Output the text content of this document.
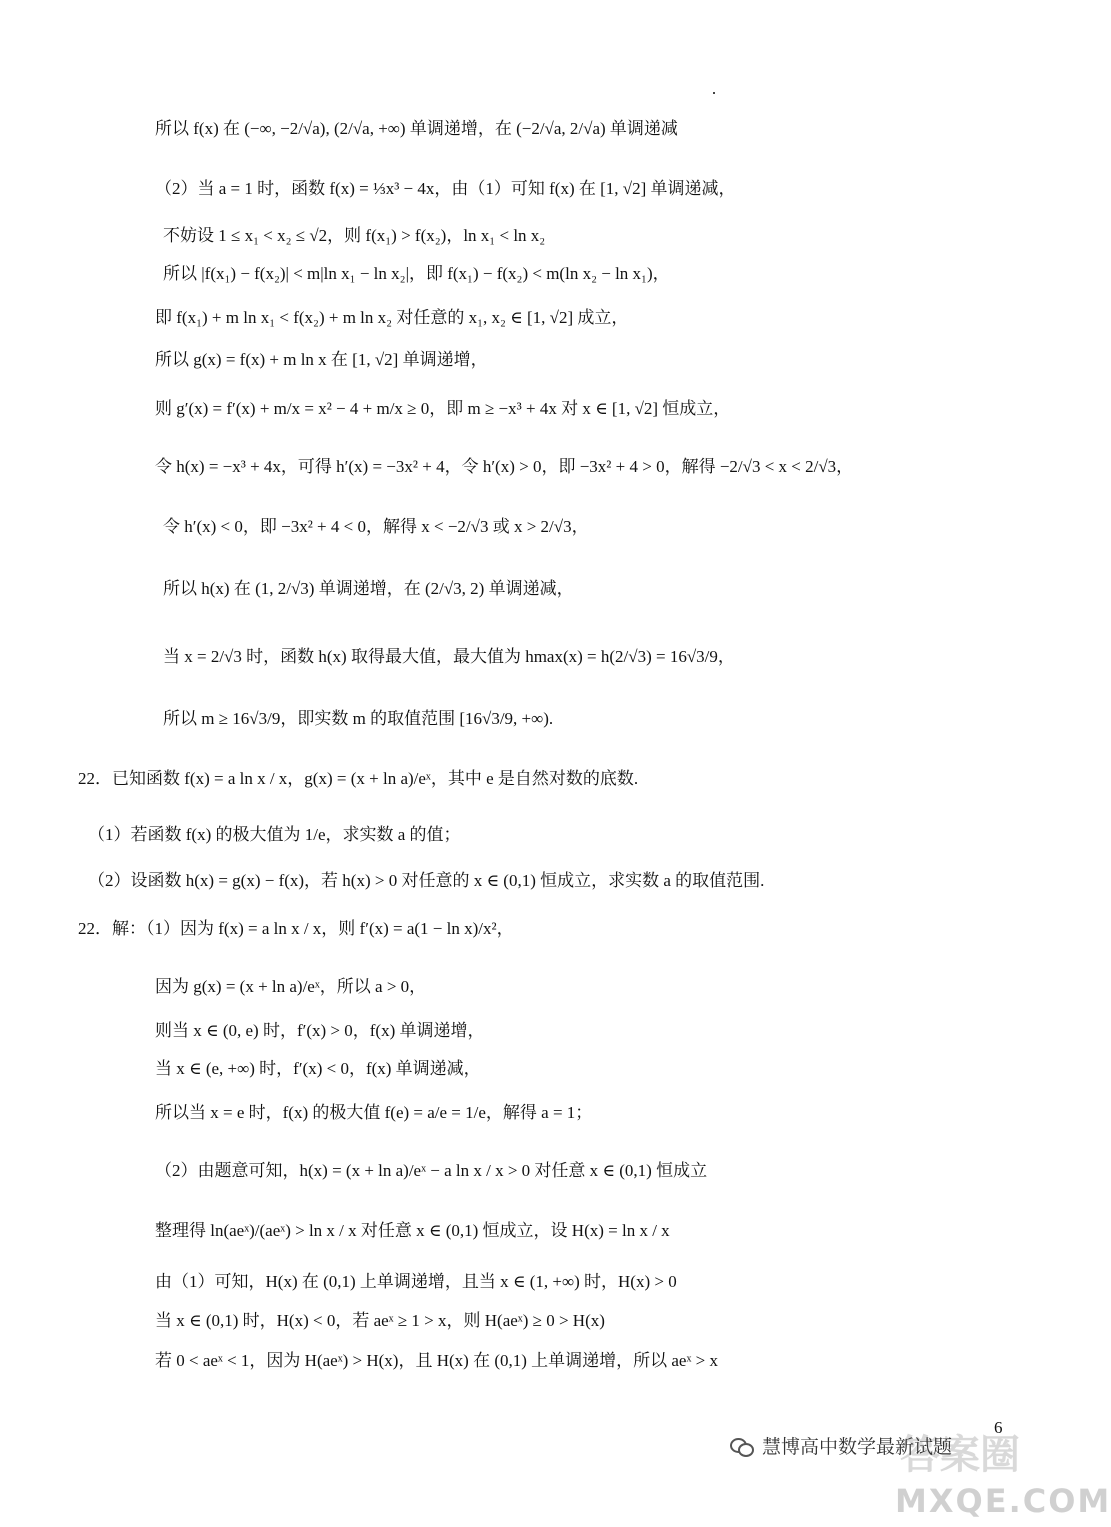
所以 f(x) 在 (−∞, −2/√a), (2/√a, +∞) 单调递增，在 (−2/√a, 2/√a) 单调递减
（2）当 a = 1 时，函数 f(x) = ⅓x³ − 4x，由（1）可知 f(x) 在 [1, √2] 单调递减，
不妨设 1 ≤ x₁ < x₂ ≤ √2，则 f(x₁) > f(x₂)，ln x₁ < ln x₂
所以 |f(x₁) − f(x₂)| < m|ln x₁ − ln x₂|，即 f(x₁) − f(x₂) < m(ln x₂ − ln x₁)，
即 f(x₁) + m ln x₁ < f(x₂) + m ln x₂ 对任意的 x₁, x₂ ∈ [1, √2] 成立，
所以 g(x) = f(x) + m ln x 在 [1, √2] 单调递增，
则 g′(x) = f′(x) + m/x = x² − 4 + m/x ≥ 0，即 m ≥ −x³ + 4x 对 x ∈ [1, √2] 恒成立，
令 h(x) = −x³ + 4x，可得 h′(x) = −3x² + 4，令 h′(x) > 0，即 −3x² + 4 > 0，解得 −2/√3 < x < 2/√3，
令 h′(x) < 0，即 −3x² + 4 < 0，解得 x < −2/√3 或 x > 2/√3，
所以 h(x) 在 (1, 2/√3) 单调递增，在 (2/√3, 2) 单调递减，
当 x = 2/√3 时，函数 h(x) 取得最大值，最大值为 hmax(x) = h(2/√3) = 16√3/9，
所以 m ≥ 16√3/9，即实数 m 的取值范围 [16√3/9, +∞).
22．已知函数 f(x) = a ln x / x，g(x) = (x + ln a)/eˣ，其中 e 是自然对数的底数.
（1）若函数 f(x) 的极大值为 1/e，求实数 a 的值；
（2）设函数 h(x) = g(x) − f(x)，若 h(x) > 0 对任意的 x ∈ (0,1) 恒成立，求实数 a 的取值范围.
22．解：（1）因为 f(x) = a ln x / x，则 f′(x) = a(1 − ln x)/x²，
因为 g(x) = (x + ln a)/eˣ，所以 a > 0，
则当 x ∈ (0, e) 时，f′(x) > 0，f(x) 单调递增，
当 x ∈ (e, +∞) 时，f′(x) < 0，f(x) 单调递减，
所以当 x = e 时，f(x) 的极大值 f(e) = a/e = 1/e，解得 a = 1；
（2）由题意可知，h(x) = (x + ln a)/eˣ − a ln x / x > 0 对任意 x ∈ (0,1) 恒成立
整理得 ln(aeˣ)/(aeˣ) > ln x / x 对任意 x ∈ (0,1) 恒成立，设 H(x) = ln x / x
由（1）可知，H(x) 在 (0,1) 上单调递增，且当 x ∈ (1, +∞) 时，H(x) > 0
当 x ∈ (0,1) 时，H(x) < 0，若 aeˣ ≥ 1 > x，则 H(aeˣ) ≥ 0 > H(x)
若 0 < aeˣ < 1，因为 H(aeˣ) > H(x)，且 H(x) 在 (0,1) 上单调递增，所以 aeˣ > x
6
答案圈
MXQE.COM
慧博高中数学最新试题
